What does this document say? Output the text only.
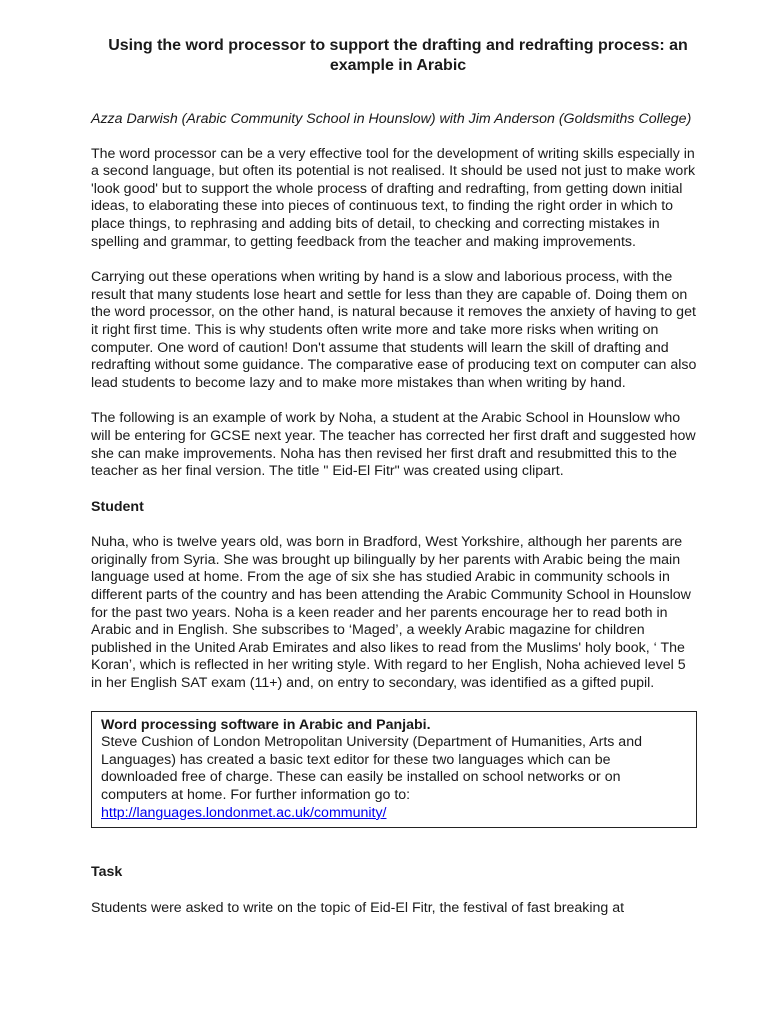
Using the word processor to support the drafting and redrafting process: an example in Arabic

Azza Darwish (Arabic Community School in Hounslow) with Jim Anderson (Goldsmiths College)

The word processor can be a very effective tool for the development of writing skills especially in a second language, but often its potential is not realised. It should be used not just to make work 'look good' but to support the whole process of drafting and redrafting, from getting down initial ideas, to elaborating these into pieces of continuous text, to finding the right order in which to place things, to rephrasing and adding bits of detail, to checking and correcting mistakes in spelling and grammar, to getting feedback from the teacher and making improvements.

Carrying out these operations when writing by hand is a slow and laborious process, with the result that many students lose heart and settle for less than they are capable of. Doing them on the word processor, on the other hand, is natural because it removes the anxiety of having to get it right first time. This is why students often write more and take more risks when writing on computer. One word of caution! Don't assume that students will learn the skill of drafting and redrafting without some guidance. The comparative ease of producing text on computer can also lead students to become lazy and to make more mistakes than when writing by hand.

The following is an example of work by Noha, a student at the Arabic School in Hounslow who will be entering for GCSE next year. The teacher has corrected her first draft and suggested how she can make improvements. Noha has then revised her first draft and resubmitted this to the teacher as her final version. The title " Eid-El Fitr" was created using clipart.

Student

Nuha, who is twelve years old, was born in Bradford, West Yorkshire, although her parents are originally from Syria. She was brought up bilingually by her parents with Arabic being the main language used at home. From the age of six she has studied Arabic in community schools in different parts of the country and has been attending the Arabic Community School in Hounslow for the past two years. Noha is a keen reader and her parents encourage her to read both in Arabic and in English. She subscribes to ‘Maged’, a weekly Arabic magazine for children published in the United Arab Emirates and also likes to read from the Muslims' holy book, ‘ The Koran’, which is reflected in her writing style. With regard to her English, Noha achieved level 5 in her English SAT exam (11+) and, on entry to secondary, was identified as a gifted pupil.

Word processing software in Arabic and Panjabi.
Steve Cushion of London Metropolitan University (Department of Humanities, Arts and Languages) has created a basic text editor for these two languages which can be downloaded free of charge. These can easily be installed on school networks or on computers at home. For further information go to:
http://languages.londonmet.ac.uk/community/
Task

Students were asked to write on the topic of Eid-El Fitr, the festival of fast breaking at
